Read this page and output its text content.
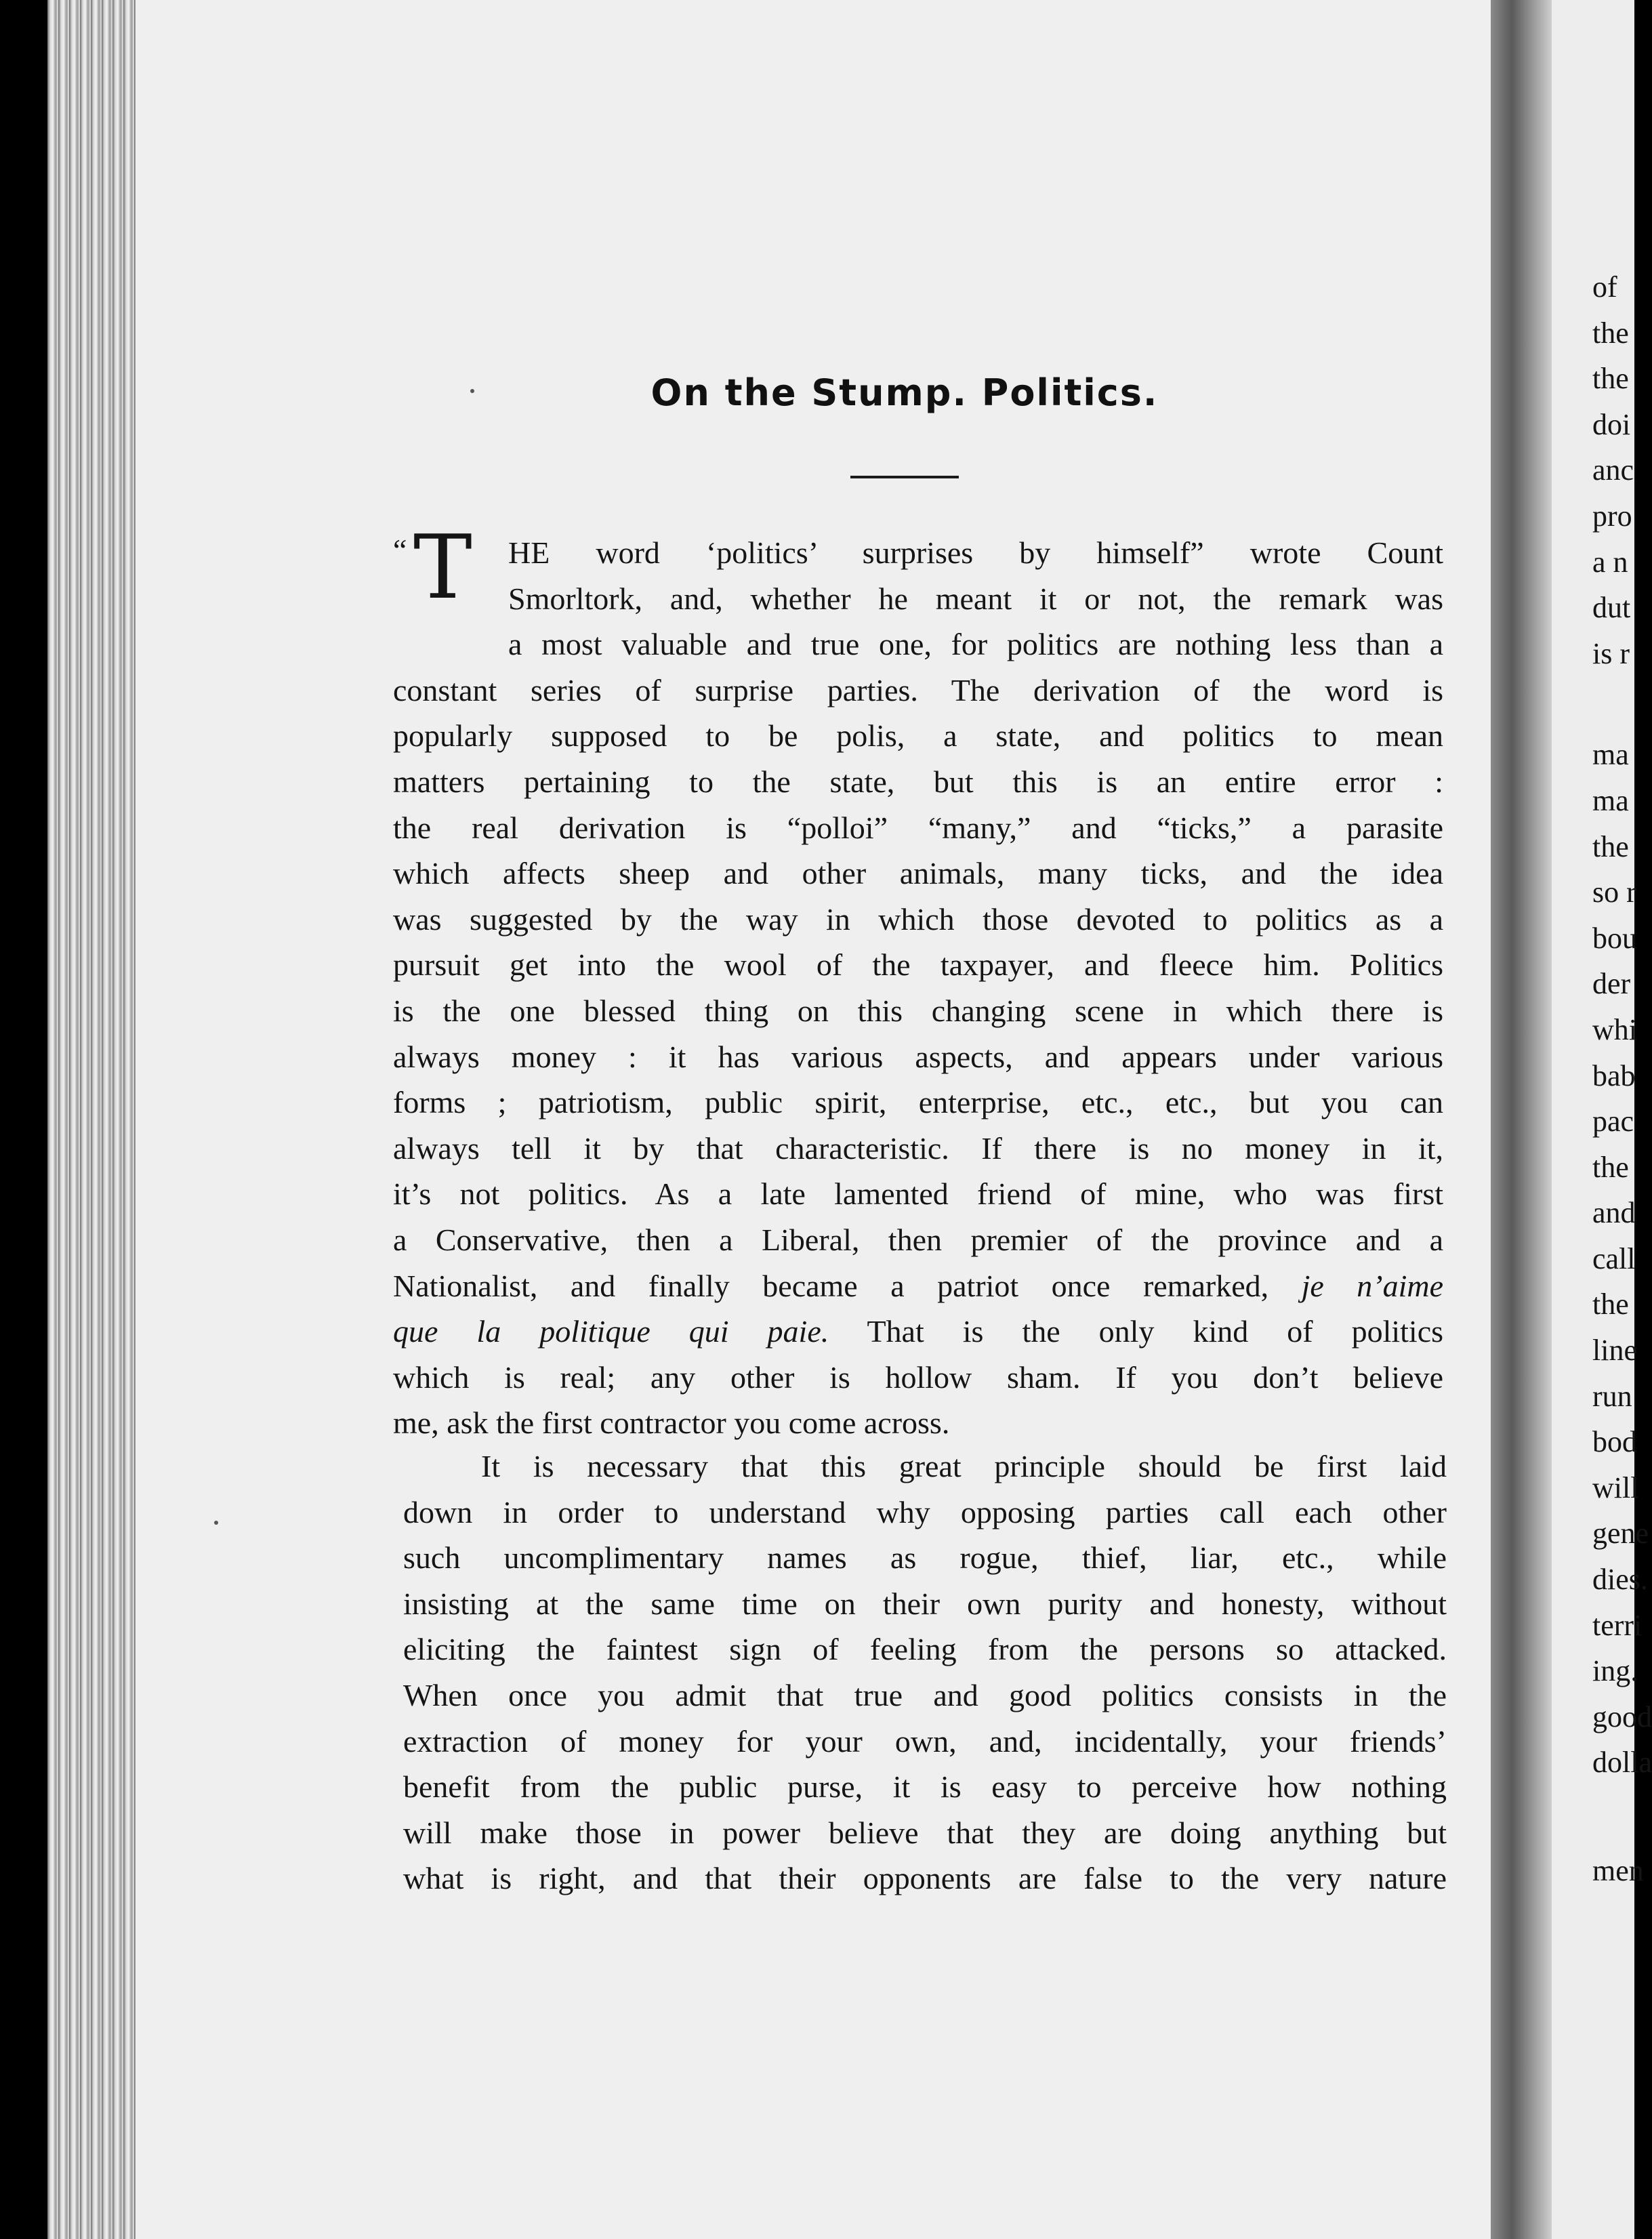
of
the
the
doi
anc
pro
a n
dut
is r
ma
ma
the
so r
bou
der
whi
bab
pac
the
and
call
the
line
run
bod
will
gene
dies.
terri
ing.
good
dolla
men
On the Stump. Politics.
“ T	HE word ‘politics’ surprises by himself” wrote Count
Smorltork, and, whether he meant it or not, the remark was
a most valuable and true one, for politics are nothing less than a
constant series of surprise parties. The derivation of the word is
popularly supposed to be polis, a state, and politics to mean
matters pertaining to the state, but this is an entire error :
the real derivation is “polloi” “many,” and “ticks,” a parasite
which affects sheep and other animals, many ticks, and the idea
was suggested by the way in which those devoted to politics as a
pursuit get into the wool of the taxpayer, and fleece him. Politics
is the one blessed thing on this changing scene in which there is
always money : it has various aspects, and appears under various
forms ; patriotism, public spirit, enterprise, etc., etc., but you can
always tell it by that characteristic. If there is no money in it,
it’s not politics. As a late lamented friend of mine, who was first
a Conservative, then a Liberal, then premier of the province and a
Nationalist, and finally became a patriot once remarked, je n’aime
que la politique qui paie. That is the only kind of politics
which is real; any other is hollow sham. If you don’t believe
me, ask the first contractor you come across.
It is necessary that this great principle should be first laid
down in order to understand why opposing parties call each other
such uncomplimentary names as rogue, thief, liar, etc., while
insisting at the same time on their own purity and honesty, without
eliciting the faintest sign of feeling from the persons so attacked.
When once you admit that true and good politics consists in the
extraction of money for your own, and, incidentally, your friends’
benefit from the public purse, it is easy to perceive how nothing
will make those in power believe that they are doing anything but
what is right, and that their opponents are false to the very nature
